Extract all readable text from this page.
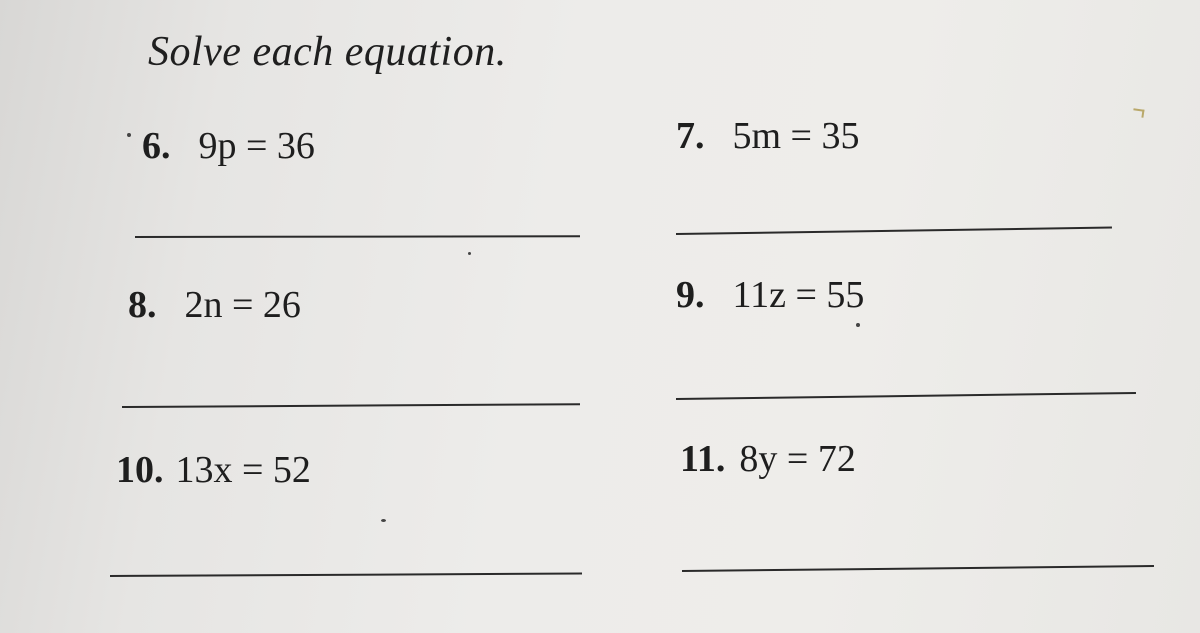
Solve each equation.
6. 9p = 36	7. 5m = 35
8. 2n = 26	9. 11z = 55
10. 13x = 52	11. 8y = 72
